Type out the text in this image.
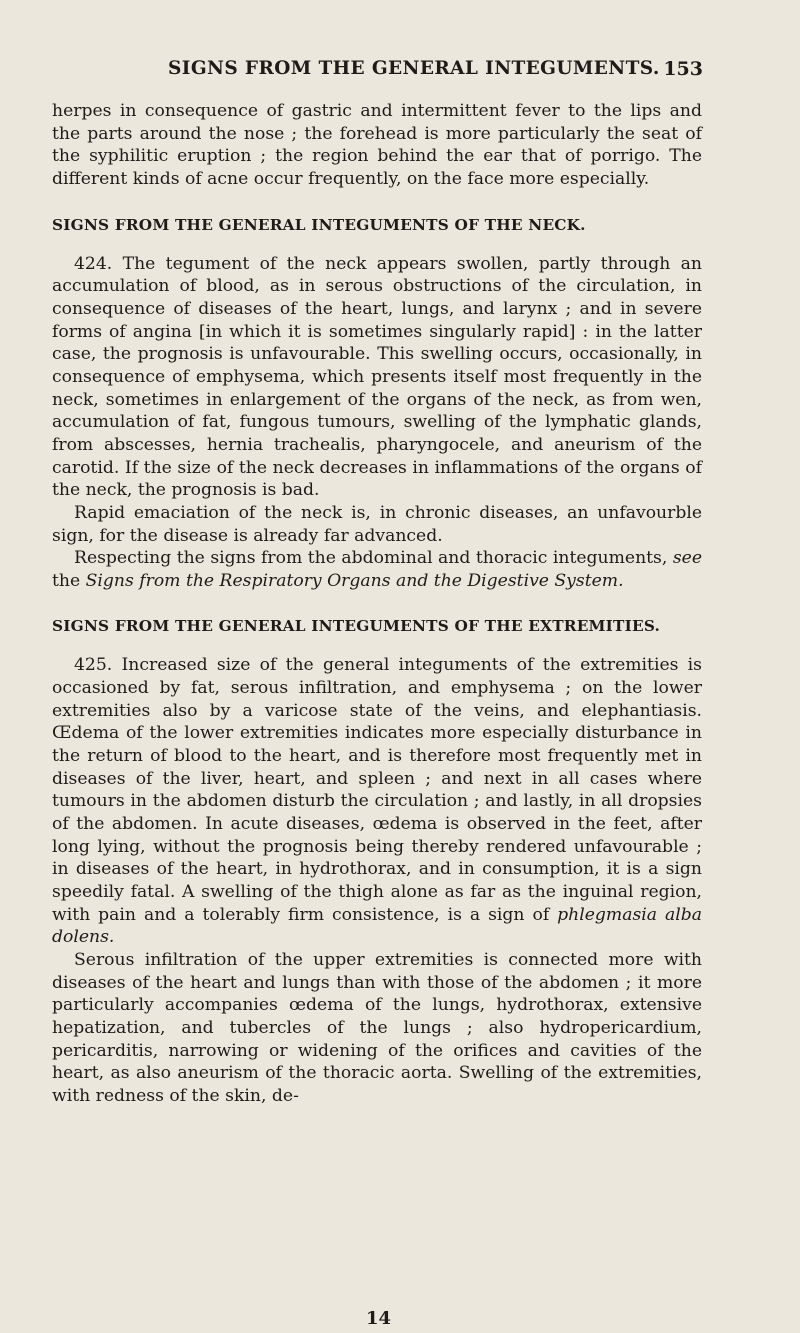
SIGNS FROM THE GENERAL INTEGUMENTS. 153

herpes in consequence of gastric and intermittent fever to the lips and the parts around the nose ; the forehead is more particularly the seat of the syphilitic eruption ; the region behind the ear that of porrigo. The different kinds of acne occur frequently, on the face more especially.

SIGNS FROM THE GENERAL INTEGUMENTS OF THE NECK.

424. The tegument of the neck appears swollen, partly through an accumulation of blood, as in serous obstructions of the circulation, in consequence of diseases of the heart, lungs, and larynx ; and in severe forms of angina [in which it is sometimes singularly rapid] : in the latter case, the prognosis is unfavourable. This swelling occurs, occasionally, in consequence of emphysema, which presents itself most frequently in the neck, sometimes in enlargement of the organs of the neck, as from wen, accumulation of fat, fungous tumours, swelling of the lymphatic glands, from abscesses, hernia trachealis, pharyngocele, and aneurism of the carotid. If the size of the neck decreases in inflammations of the organs of the neck, the prognosis is bad.

Rapid emaciation of the neck is, in chronic diseases, an unfavourble sign, for the disease is already far advanced.

Respecting the signs from the abdominal and thoracic integuments, see the Signs from the Respiratory Organs and the Digestive System.

SIGNS FROM THE GENERAL INTEGUMENTS OF THE EXTREMITIES.

425. Increased size of the general integuments of the extremities is occasioned by fat, serous infiltration, and emphysema ; on the lower extremities also by a varicose state of the veins, and elephantiasis. Œdema of the lower extremities indicates more especially disturbance in the return of blood to the heart, and is therefore most frequently met in diseases of the liver, heart, and spleen ; and next in all cases where tumours in the abdomen disturb the circulation ; and lastly, in all dropsies of the abdomen. In acute diseases, œdema is observed in the feet, after long lying, without the prognosis being thereby rendered unfavourable ; in diseases of the heart, in hydrothorax, and in consumption, it is a sign speedily fatal. A swelling of the thigh alone as far as the inguinal region, with pain and a tolerably firm consistence, is a sign of phlegmasia alba dolens.

Serous infiltration of the upper extremities is connected more with diseases of the heart and lungs than with those of the abdomen ; it more particularly accompanies œdema of the lungs, hydrothorax, extensive hepatization, and tubercles of the lungs ; also hydropericardium, pericarditis, narrowing or widening of the orifices and cavities of the heart, as also aneurism of the thoracic aorta. Swelling of the extremities, with redness of the skin, de-

14
